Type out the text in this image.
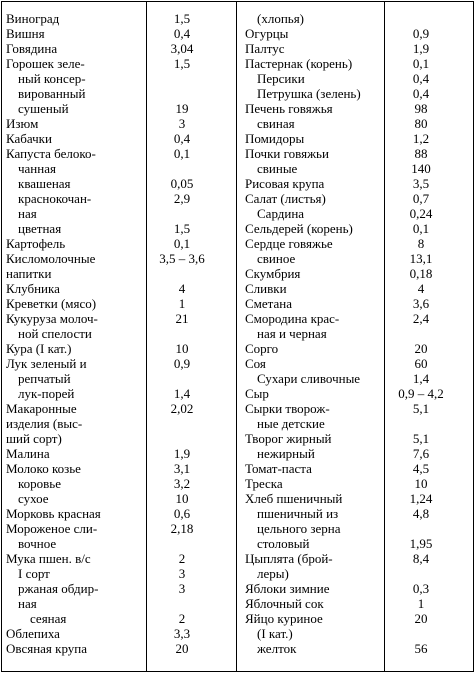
Виноград	1,5
Вишня	0,4
Говядина	3,04
Горошек зеле-	1,5
ный консер-
вированный
сушеный	19
Изюм	3
Кабачки	0,4
Капуста белоко-	0,1
чанная
квашеная	0,05
краснокочан-	2,9
ная
цветная	1,5
Картофель	0,1
Кисломолочные	3,5 – 3,6
напитки
Клубника	4
Креветки (мясо)	1
Кукуруза молоч-	21
ной спелости
Кура (I кат.)	10
Лук зеленый и	0,9
репчатый
лук-порей	1,4
Макаронные	2,02
изделия (выс-
ший сорт)
Малина	1,9
Молоко козье	3,1
коровье	3,2
сухое	10
Морковь красная	0,6
Мороженое сли-	2,18
вочное
Мука пшен. в/с	2
I сорт	3
ржаная обдир-	3
ная
сеяная	2
Облепиха	3,3
Овсяная крупа	20
(хлопья)
Огурцы	0,9
Палтус	1,9
Пастернак (корень)	0,1
Персики	0,4
Петрушка (зелень)	0,4
Печень говяжья	98
свиная	80
Помидоры	1,2
Почки говяжьи	88
свиные	140
Рисовая крупа	3,5
Салат (листья)	0,7
Сардина	0,24
Сельдерей (корень)	0,1
Сердце говяжье	8
свиное	13,1
Скумбрия	0,18
Сливки	4
Сметана	3,6
Смородина крас-	2,4
ная и черная
Сорго	20
Соя	60
Сухари сливочные	1,4
Сыр	0,9 – 4,2
Сырки творож-	5,1
ные детские
Творог жирный	5,1
нежирный	7,6
Томат-паста	4,5
Треска	10
Хлеб пшеничный	1,24
пшеничный из	4,8
цельного зерна
столовый	1,95
Цыплята (брой-	8,4
леры)
Яблоки зимние	0,3
Яблочный сок	1
Яйцо куриное	20
(I кат.)
желток	56
